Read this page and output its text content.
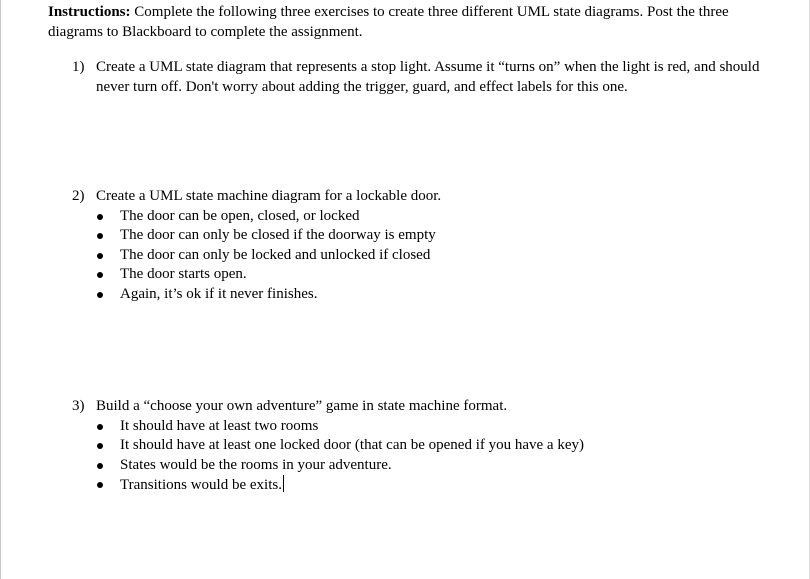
Instructions: Complete the following three exercises to create three different UML state diagrams. Post the three diagrams to Blackboard to complete the assignment.
1) Create a UML state diagram that represents a stop light. Assume it “turns on” when the light is red, and should never turn off. Don't worry about adding the trigger, guard, and effect labels for this one.
2) Create a UML state machine diagram for a lockable door.
The door can be open, closed, or locked
The door can only be closed if the doorway is empty
The door can only be locked and unlocked if closed
The door starts open.
Again, it’s ok if it never finishes.
3) Build a “choose your own adventure” game in state machine format.
It should have at least two rooms
It should have at least one locked door (that can be opened if you have a key)
States would be the rooms in your adventure.
Transitions would be exits.
